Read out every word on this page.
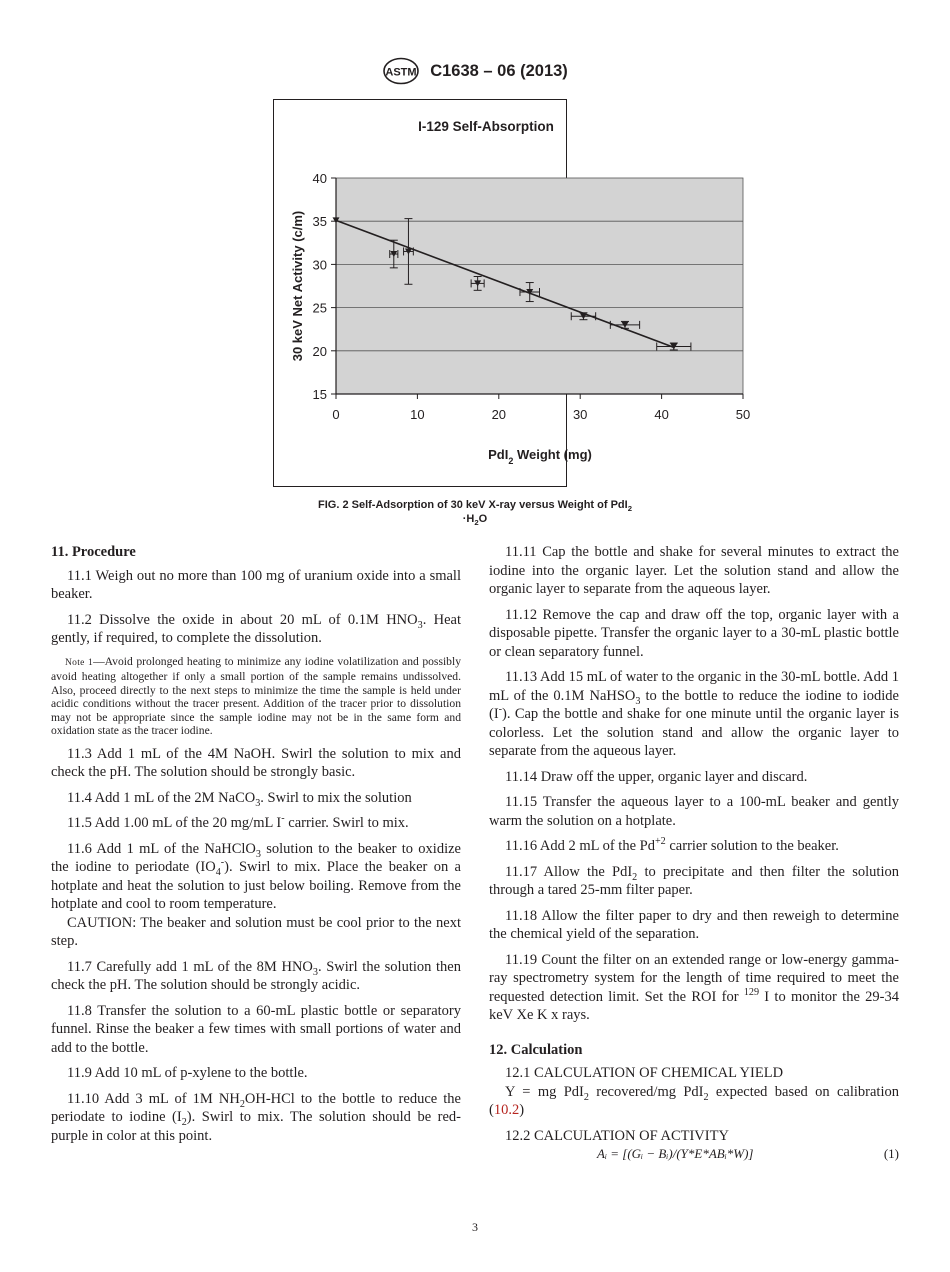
ASTM C1638 – 06 (2013)
15
20
25
30
35
40
0	10	20	30	40	50
I-129 Self-Absorption
30 keV Net Activity (c/m)
PdI$_2$ Weight (mg)
FIG. 2 Self-Adsorption of 30 keV X-ray versus Weight of PdI$_2$
$\cdot H_2O$
11. Procedure

11.1 Weigh out no more than 100 mg of uranium oxide into a small beaker.

11.2 Dissolve the oxide in about 20 mL of 0.1M $HNO_3$. Heat gently, if required, to complete the dissolution.

Note 1—Avoid prolonged heating to minimize any iodine volatilization and possibly avoid heating altogether if only a small portion of the sample remains undissolved. Also, proceed directly to the next steps to minimize the time the sample is held under acidic conditions without the tracer present. Addition of the tracer prior to dissolution may not be appropriate since the sample iodine may not be in the same form and oxidation state as the tracer iodine.

11.3 Add 1 mL of the 4M NaOH. Swirl the solution to mix and check the pH. The solution should be strongly basic.

11.4 Add 1 mL of the 2M NaCO$_3$. Swirl to mix the solution

11.5 Add 1.00 mL of the 20 mg/mL I- carrier. Swirl to mix.

11.6 Add 1 mL of the NaHClO$_3$ solution to the beaker to oxidize the iodine to periodate $(IO_4^-)$. Swirl to mix. Place the beaker on a hotplate and heat the solution to just below boiling. Remove from the hotplate and cool to room temperature.

CAUTION: The beaker and solution must be cool prior to the next step.

11.7 Carefully add 1 mL of the 8M $HNO_3$. Swirl the solution then check the pH. The solution should be strongly acidic.

11.8 Transfer the solution to a 60-mL plastic bottle or separatory funnel. Rinse the beaker a few times with small portions of water and add to the bottle.

11.9 Add 10 mL of p-xylene to the bottle.

11.10 Add 3 mL of 1M $NH_2OH$-HCl to the bottle to reduce the periodate to iodine $(I_2)$. Swirl to mix. The solution should be red-purple in color at this point.

11.11 Cap the bottle and shake for several minutes to extract the iodine into the organic layer. Let the solution stand and allow the organic layer to separate from the aqueous layer.

11.12 Remove the cap and draw off the top, organic layer with a disposable pipette. Transfer the organic layer to a 30-mL plastic bottle or clean separatory funnel.

11.13 Add 15 mL of water to the organic in the 30-mL bottle. Add 1 mL of the 0.1M NaHSO$_3$ to the bottle to reduce the iodine to iodide (I-). Cap the bottle and shake for one minute until the organic layer is colorless. Let the solution stand and allow the organic layer to separate from the aqueous layer.

11.14 Draw off the upper, organic layer and discard.

11.15 Transfer the aqueous layer to a 100-mL beaker and gently warm the solution on a hotplate.

11.16 Add 2 mL of the $Pd^{+2}$ carrier solution to the beaker.

11.17 Allow the PdI$_2$ to precipitate and then filter the solution through a tared 25-mm filter paper.

11.18 Allow the filter paper to dry and then reweigh to determine the chemical yield of the separation.

11.19 Count the filter on an extended range or low-energy gamma-ray spectrometry system for the length of time required to meet the requested detection limit. Set the ROI for $^{129}$ I to monitor the 29-34 keV Xe K x rays.

12. Calculation

12.1 CALCULATION OF CHEMICAL YIELD

Y = mg PdI$_2$ recovered/mg PdI$_2$ expected based on calibration (10.2)

12.2 CALCULATION OF ACTIVITY

Aᵢ = [(Gᵢ − Bᵢ)/(Y*E*ABᵢ*W)]	(1)
3
